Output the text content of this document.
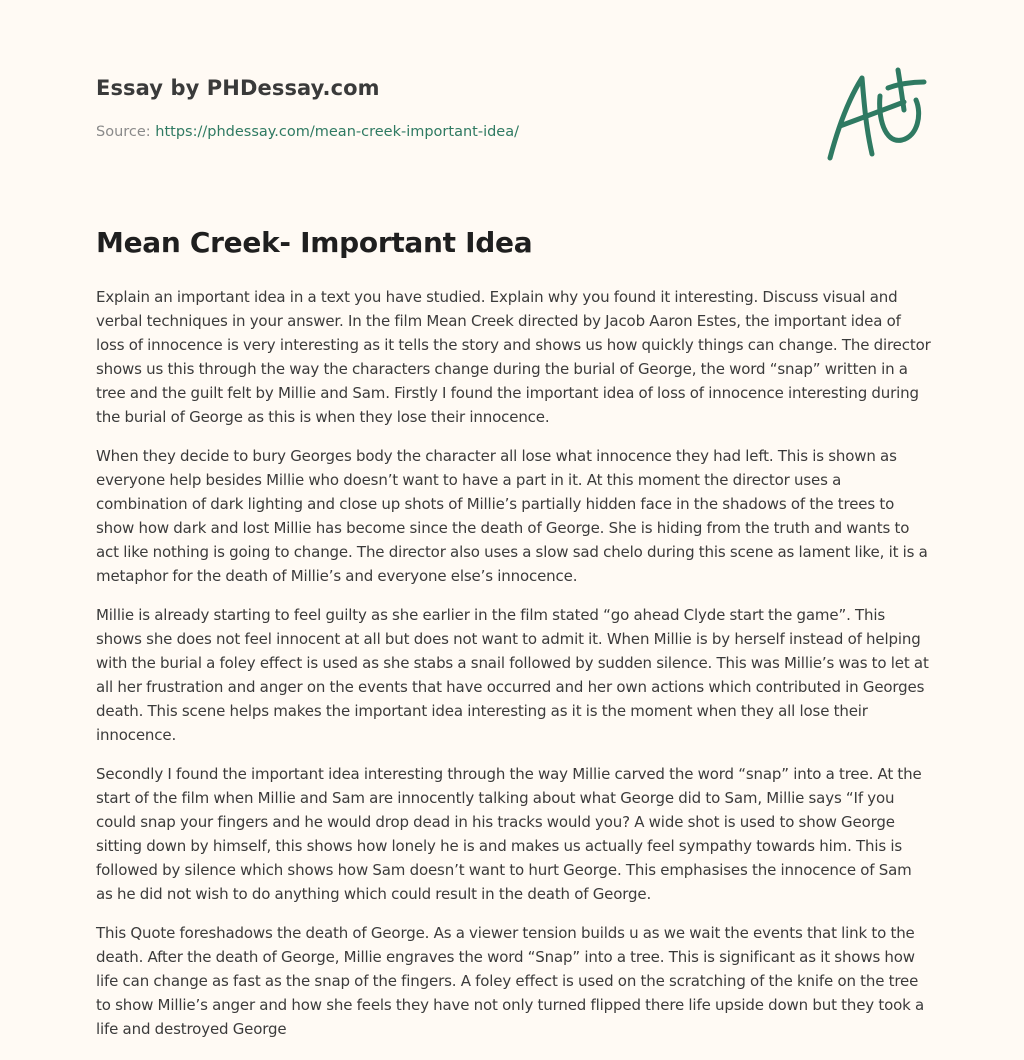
Essay by PHDessay.com
Source: https://phdessay.com/mean-creek-important-idea/
Mean Creek- Important Idea

Explain an important idea in a text you have studied. Explain why you found it interesting. Discuss visual and verbal techniques in your answer. In the film Mean Creek directed by Jacob Aaron Estes, the important idea of loss of innocence is very interesting as it tells the story and shows us how quickly things can change. The director shows us this through the way the characters change during the burial of George, the word “snap” written in a tree and the guilt felt by Millie and Sam. Firstly I found the important idea of loss of innocence interesting during the burial of George as this is when they lose their innocence.

When they decide to bury Georges body the character all lose what innocence they had left. This is shown as everyone help besides Millie who doesn’t want to have a part in it. At this moment the director uses a combination of dark lighting and close up shots of Millie’s partially hidden face in the shadows of the trees to show how dark and lost Millie has become since the death of George. She is hiding from the truth and wants to act like nothing is going to change. The director also uses a slow sad chelo during this scene as lament like, it is a metaphor for the death of Millie’s and everyone else’s innocence.

Millie is already starting to feel guilty as she earlier in the film stated “go ahead Clyde start the game”. This shows she does not feel innocent at all but does not want to admit it. When Millie is by herself instead of helping with the burial a foley effect is used as she stabs a snail followed by sudden silence. This was Millie’s was to let at all her frustration and anger on the events that have occurred and her own actions which contributed in Georges death. This scene helps makes the important idea interesting as it is the moment when they all lose their innocence.

Secondly I found the important idea interesting through the way Millie carved the word “snap” into a tree. At the start of the film when Millie and Sam are innocently talking about what George did to Sam, Millie says “If you could snap your fingers and he would drop dead in his tracks would you? A wide shot is used to show George sitting down by himself, this shows how lonely he is and makes us actually feel sympathy towards him. This is followed by silence which shows how Sam doesn’t want to hurt George. This emphasises the innocence of Sam as he did not wish to do anything which could result in the death of George.

This Quote foreshadows the death of George. As a viewer tension builds u as we wait the events that link to the death. After the death of George, Millie engraves the word “Snap” into a tree. This is significant as it shows how life can change as fast as the snap of the fingers. A foley effect is used on the scratching of the knife on the tree to show Millie’s anger and how she feels they have not only turned flipped there life upside down but they took a life and destroyed George
